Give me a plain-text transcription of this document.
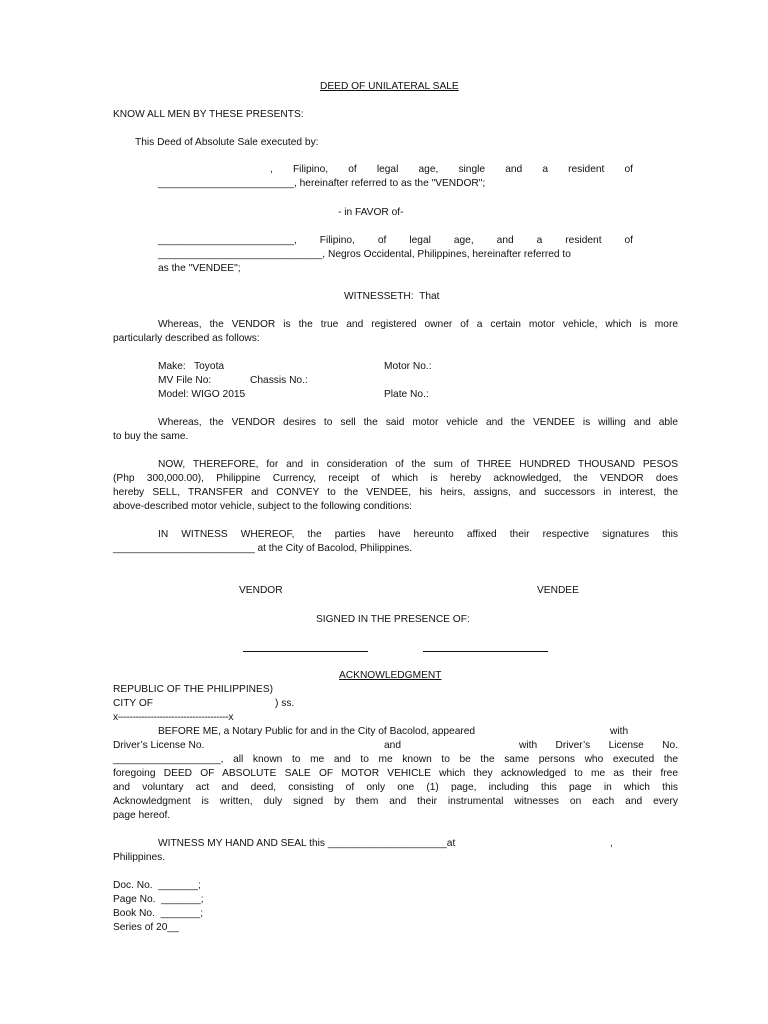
DEED OF UNILATERAL SALE
KNOW ALL MEN BY THESE PRESENTS:
This Deed of Absolute Sale executed by:
, Filipino, of legal age, single and a resident of
________________________, hereinafter referred to as the "VENDOR";
- in FAVOR of-
________________________, Filipino, of legal age, and a resident of
_____________________________, Negros Occidental, Philippines, hereinafter referred to
as the "VENDEE";
WITNESSETH:  That
Whereas, the VENDOR is the true and registered owner of a certain motor vehicle, which is more
particularly described as follows:
Make:   Toyota	Motor No.:
MV File No:	Chassis No.:
Model: WIGO 2015	Plate No.:
Whereas, the VENDOR desires to sell the said motor vehicle and the VENDEE is willing and able
to buy the same.
NOW, THEREFORE, for and in consideration of the sum of THREE HUNDRED THOUSAND PESOS
(Php 300,000.00), Philippine Currency, receipt of which is hereby acknowledged, the VENDOR does
hereby SELL, TRANSFER and CONVEY to the VENDEE, his heirs, assigns, and successors in interest, the
above-described motor vehicle, subject to the following conditions:
IN WITNESS WHEREOF, the parties have hereunto affixed their respective signatures this
_________________________ at the City of Bacolod, Philippines.
VENDOR	VENDEE
SIGNED IN THE PRESENCE OF:
ACKNOWLEDGMENT
REPUBLIC OF THE PHILIPPINES)
CITY OF	) ss.
x-------------------------------------x
BEFORE ME, a Notary Public for and in the City of Bacolod, appeared	with
Driver’s License No.	and	with Driver’s License No.
___________________, all known to me and to me known to be the same persons who executed the
foregoing DEED OF ABSOLUTE SALE OF MOTOR VEHICLE which they acknowledged to me as their free
and voluntary act and deed, consisting of only one (1) page, including this page in which this
Acknowledgment is written, duly signed by them and their instrumental witnesses on each and every
page hereof.
WITNESS MY HAND AND SEAL this _____________________at	,
Philippines.
Doc. No.  _______;
Page No.  _______;
Book No.  _______;
Series of 20__
